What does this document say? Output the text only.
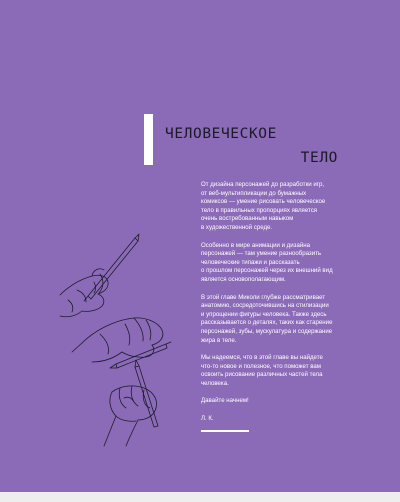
ЧЕЛОВЕЧЕСКОЕ
ТЕЛО

От дизайна персонажей до разработки игр,
от веб-мультипликации до бумажных
комиксов — умение рисовать человеческое
тело в правильных пропорциях является
очень востребованным навыком
в художественной среде.

Особенно в мире анимации и дизайна
персонажей — там умение разнообразить
человеческие типажи и рассказать
о прошлом персонажей через их внешний вид
является основополагающим.

В этой главе Миколи глубже рассматривает
анатомию, сосредоточившись на стилизации
и упрощении фигуры человека. Также здесь
рассказывается о деталях, таких как старение
персонажей, зубы, мускулатура и содержание
жира в теле.

Мы надеемся, что в этой главе вы найдете
что-то новое и полезное, что поможет вам
освоить рисование различных частей тела
человека.

Давайте начнем!

Л. К.
